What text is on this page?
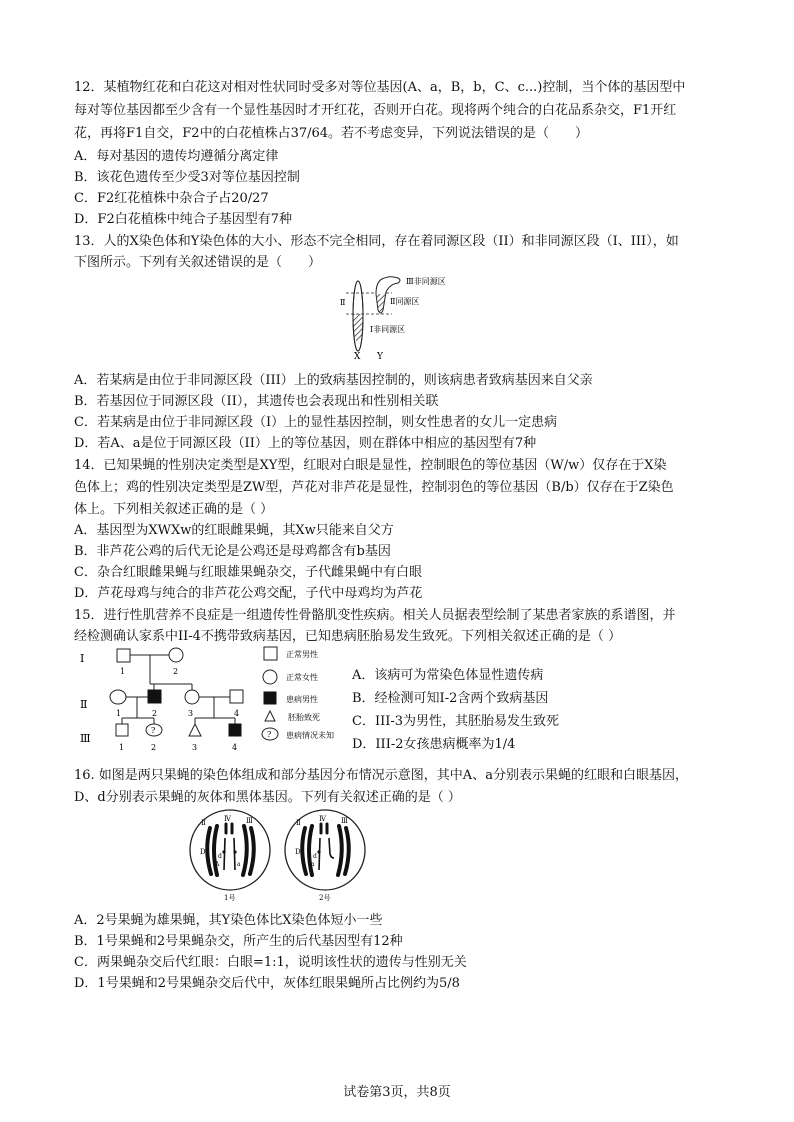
12．某植物红花和白花这对相对性状同时受多对等位基因(A、a，B，b，C、c...)控制，当个体的基因型中
每对等位基因都至少含有一个显性基因时才开红花，否则开白花。现将两个纯合的白花品系杂交，F1开红
花，再将F1自交，F2中的白花植株占37/64。若不考虑变异，下列说法错误的是（　　）
A．每对基因的遗传均遵循分离定律
B．该花色遗传至少受3对等位基因控制
C．F2红花植株中杂合子占20/27
D．F2白花植株中纯合子基因型有7种
13．人的X染色体和Y染色体的大小、形态不完全相同，存在着同源区段（II）和非同源区段（I、III），如
下图所示。下列有关叙述错误的是（　　）
Ⅲ非同源区
Ⅱ同源区
Ⅱ
Ⅰ非同源区
X Y
A．若某病是由位于非同源区段（III）上的致病基因控制的，则该病患者致病基因来自父亲
B．若基因位于同源区段（II），其遗传也会表现出和性别相关联
C．若某病是由位于非同源区段（I）上的显性基因控制，则女性患者的女儿一定患病
D．若A、a是位于同源区段（II）上的等位基因，则在群体中相应的基因型有7种
14．已知果蝇的性别决定类型是XY型，红眼对白眼是显性，控制眼色的等位基因（W/w）仅存在于X染
色体上；鸡的性别决定类型是ZW型，芦花对非芦花是显性，控制羽色的等位基因（B/b）仅存在于Z染色
体上。下列相关叙述正确的是（ ）
A．基因型为XWXw的红眼雌果蝇，其Xw只能来自父方
B．非芦花公鸡的后代无论是公鸡还是母鸡都含有b基因
C．杂合红眼雌果蝇与红眼雄果蝇杂交，子代雌果蝇中有白眼
D．芦花母鸡与纯合的非芦花公鸡交配，子代中母鸡均为芦花
15．进行性肌营养不良症是一组遗传性骨骼肌变性疾病。相关人员据表型绘制了某患者家族的系谱图，并
经检测确认家系中II-4不携带致病基因，已知患病胚胎易发生致死。下列相关叙述正确的是（ ）
I
Ⅱ
Ⅲ
1	2
1	2	3	4
?
1	2	3	4
正常男性
正常女性
患病男性
胚胎致死
? 患病情况未知
A．该病可为常染色体显性遗传病
B．经检测可知I-2含两个致病基因
C．III-3为男性，其胚胎易发生致死
D．III-2女孩患病概率为1/4
16. 如图是两只果蝇的染色体组成和部分基因分布情况示意图，其中A、a分别表示果蝇的红眼和白眼基因，
D、d分别表示果蝇的灰体和黑体基因。下列有关叙述正确的是（ ）
Ⅱ	Ⅳ Ⅲ
D
d
A	a
1号
Ⅱ	Ⅳ Ⅲ
D
d
a
2号
A．2号果蝇为雄果蝇，其Y染色体比X染色体短小一些
B．1号果蝇和2号果蝇杂交，所产生的后代基因型有12种
C．两果蝇杂交后代红眼：白眼=1:1，说明该性状的遗传与性别无关
D．1号果蝇和2号果蝇杂交后代中，灰体红眼果蝇所占比例约为5/8
试卷第3页，共8页
